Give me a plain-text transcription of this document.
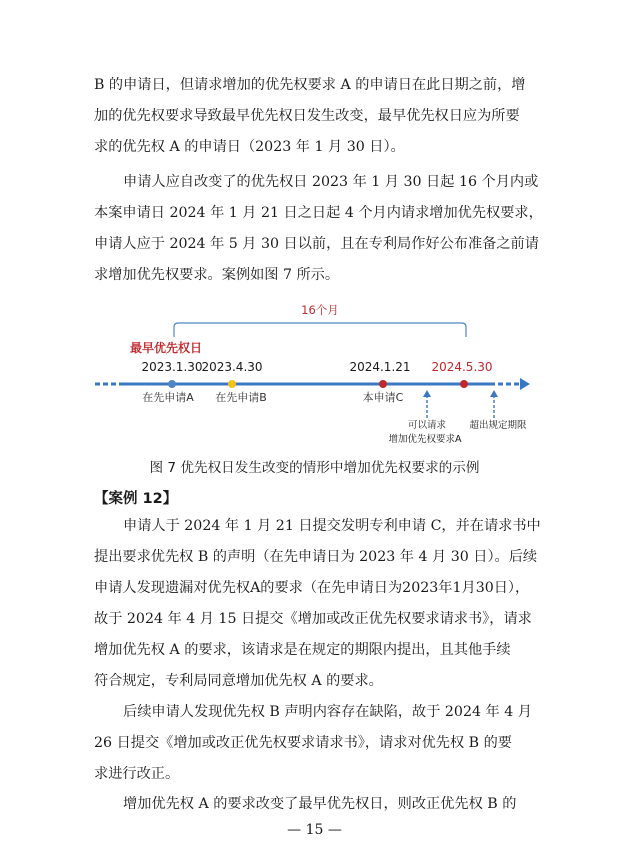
B 的申请日，但请求增加的优先权要求 A 的申请日在此日期之前，增
加的优先权要求导致最早优先权日发生改变，最早优先权日应为所要
求的优先权 A 的申请日（2023 年 1 月 30 日）。
申请人应自改变了的优先权日 2023 年 1 月 30 日起 16 个月内或
本案申请日 2024 年 1 月 21 日之日起 4 个月内请求增加优先权要求，
申请人应于 2024 年 5 月 30 日以前，且在专利局作好公布准备之前请
求增加优先权要求。案例如图 7 所示。
16个月
最早优先权日
2023.1.30
2023.4.30	2024.1.21 2024.5.30
在先申请A 在先申请B	本申请C
可以请求
增加优先权要求A
超出规定期限
图 7 优先权日发生改变的情形中增加优先权要求的示例
【案例 12】
申请人于 2024 年 1 月 21 日提交发明专利申请 C，并在请求书中
提出要求优先权 B 的声明（在先申请日为 2023 年 4 月 30 日）。后续
申请人发现遗漏对优先权A的要求（在先申请日为2023年1月30日），
故于 2024 年 4 月 15 日提交《增加或改正优先权要求请求书》，请求
增加优先权 A 的要求，该请求是在规定的期限内提出，且其他手续
符合规定，专利局同意增加优先权 A 的要求。
后续申请人发现优先权 B 声明内容存在缺陷，故于 2024 年 4 月
26 日提交《增加或改正优先权要求请求书》，请求对优先权 B 的要
求进行改正。
增加优先权 A 的要求改变了最早优先权日，则改正优先权 B 的
— 15 —
